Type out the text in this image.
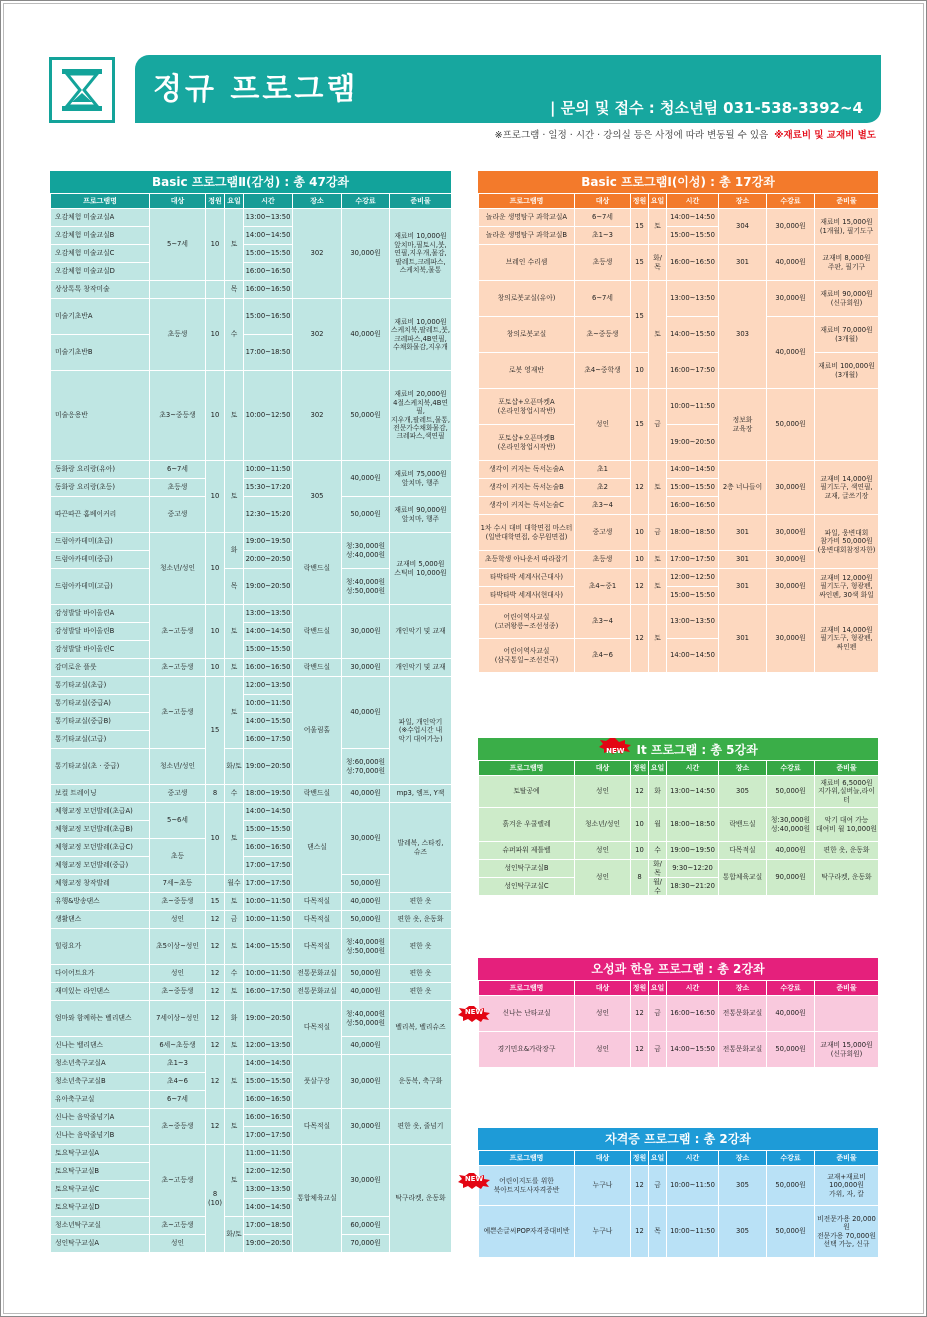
정규 프로그램
| 문의 및 접수 : 청소년팀 031-538-3392~4
※프로그램 · 일정 · 시간 · 강의실 등은 사정에 따라 변동될 수 있음 ※재료비 및 교재비 별도
Basic 프로그램Ⅱ(감성) : 총 47강좌
프로그램명	대상	정원	요일	시간	장소	수강료	준비물
오감체험 미술교실A	5~7세	10	토	13:00~13:50	302	30,000원	재료비 10,000원
앞치마,필토시,붓,
연필,지우개,물감,
팔레트,크레파스,
스케치북,물통
오감체험 미술교실B				14:00~14:50			
오감체험 미술교실C				15:00~15:50			
오감체험 미술교실D				16:00~16:50			
상상톡톡 창작미술			목	16:00~16:50			
미술기초반A	초등생	10	수	15:00~16:50	302	40,000원	재료비 10,000원
스케치북,팔레트,붓,
크레파스,4B연필,
수채화물감,지우개
미술기초반B				17:00~18:50			
미술응용반	초3~중등생	10	토	10:00~12:50	302	50,000원	재료비 20,000원
4절스케치북,4B연필,
지우개,팔레트,물통,
전문가수채화물감,
크레파스,색연필
동화랑 요리랑(유아)	6~7세	10	토	10:00~11:50	305	40,000원	재료비 75,000원
앞치마, 행주
동화랑 요리랑(초등)	초등생			15:30~17:20			
따끈따끈 홈베이커리	중고생			12:30~15:20		50,000원	재료비 90,000원
앞치마, 행주
드럼아카데미(초급)	청소년/성인	10	화	19:00~19:50	락밴드실	청:30,000원
성:40,000원	교재비 5,000원
스틱비 10,000원
드럼아카데미(중급)				20:00~20:50			
드럼아카데미(고급)			목	19:00~20:50		청:40,000원
성:50,000원	
감성발달 바이올린A	초~고등생	10	토	13:00~13:50	락밴드실	30,000원	개인악기 및 교재
감성발달 바이올린B				14:00~14:50			
감성발달 바이올린C				15:00~15:50			
감미로운 플룻	초~고등생	10	토	16:00~16:50	락밴드실	30,000원	개인악기 및 교재
통기타교실(초급)	초~고등생	15	토	12:00~13:50	어울림홀	40,000원	파일, 개인악기
(※수업시간 내
악기 대여가능)
통기타교실(중급A)				10:00~11:50			
통기타교실(중급B)				14:00~15:50			
통기타교실(고급)				16:00~17:50			
통기타교실(초 · 중급)	청소년/성인		화/토	19:00~20:50		청:60,000원
성:70,000원	
보컬 트레이닝	중고생	8	수	18:00~19:50	락밴드실	40,000원	mp3, 엠프, Y잭
체형교정 모던발레(초급A)	5~6세	10	토	14:00~14:50	댄스실	30,000원	발레복, 스타킹,
슈즈
체형교정 모던발레(초급B)				15:00~15:50			
체형교정 모던발레(초급C)	초등			16:00~16:50			
체형교정 모던발레(중급)				17:00~17:50			
체형교정 창작발레	7세~초등		월수	17:00~17:50		50,000원	
유행&방송댄스	초~중등생	15	토	10:00~11:50	다목적실	40,000원	편한 옷
생활댄스	성인	12	금	10:00~11:50	다목적실	50,000원	편한 옷, 운동화
힐링요가	초5이상~성인	12	토	14:00~15:50	다목적실	청:40,000원
성:50,000원	편한 옷
다이어트요가	성인	12	수	10:00~11:50	전통문화교실	50,000원	편한 옷
재미있는 라인댄스	초~중등생	12	토	16:00~17:50	전통문화교실	40,000원	편한 옷
엄마와 함께하는 벨리댄스	7세이상~성인	12	화	19:00~20:50	다목적실	청:40,000원
성:50,000원	벨리복, 벨리슈즈
신나는 벨리댄스	6세~초등생	12	토	12:00~13:50		40,000원	
청소년축구교실A	초1~3	12	토	14:00~14:50	풋살구장	30,000원	운동복, 축구화
청소년축구교실B	초4~6			15:00~15:50			
유아축구교실	6~7세			16:00~16:50			
신나는 음악줄넘기A	초~중등생	12	토	16:00~16:50	다목적실	30,000원	편한 옷, 줄넘기
신나는 음악줄넘기B				17:00~17:50			
토요탁구교실A	초~고등생	8
(10)	토	11:00~11:50	통합체육교실	30,000원	탁구라켓, 운동화
토요탁구교실B				12:00~12:50			
토요탁구교실C				13:00~13:50			
토요탁구교실D				14:00~14:50			
청소년탁구교실	초~고등생		화/토	17:00~18:50		60,000원	
성인탁구교실A	성인			19:00~20:50		70,000원	
Basic 프로그램Ⅰ(이성) : 총 17강좌
프로그램명	대상	정원	요일	시간	장소	수강료	준비물
놀라운 생명탐구 과학교실A	6~7세	15	토	14:00~14:50	304	30,000원	재료비 15,000원
(1개월), 필기도구
놀라운 생명탐구 과학교실B	초1~3			15:00~15:50			
브레인 수리셈	초등생	15	화/목	16:00~16:50	301	40,000원	교재비 8,000원
주판, 필기구
창의로봇교실(유아)	6~7세	15	토	13:00~13:50	303	30,000원	재료비 90,000원
(신규회원)
창의로봇교실	초~중등생			14:00~15:50		40,000원	재료비 70,000원
(3개월)
로봇 영재반	초4~중학생	10		16:00~17:50			재료비 100,000원
(3개월)
포토샵+오픈마켓A
(온라인창업시작반)	성인	15	금	10:00~11:50	정보화
교육장	50,000원	
포토샵+오픈마켓B
(온라인창업시작반)				19:00~20:50			
생각이 커지는 독서논술A	초1	12	토	14:00~14:50	2층 너나들이	30,000원	교재비 14,000원
필기도구, 색연필,
교재, 글쓰기장
생각이 커지는 독서논술B	초2			15:00~15:50			
생각이 커지는 독서논술C	초3~4			16:00~16:50			
1차 수시 대비 대학면접 마스터
(일반대학면접, 승무원면접)	중고생	10	금	18:00~18:50	301	30,000원	파일, 웅변대회
참가비 50,000원
(웅변대회참정자한)
초등학생 아나운서 따라잡기	초등생	10	토	17:00~17:50	301	30,000원	
타박타박 세계사(근대사)	초4~중1	12	토	12:00~12:50	301	30,000원	교재비 12,000원
필기도구, 형광펜,
싸인펜, 30색 화일
타박타박 세계사(현대사)				15:00~15:50			
어린이역사교실
(고려왕릉~조선성종)	초3~4	12	토	13:00~13:50	301	30,000원	교재비 14,000원
필기도구, 형광펜,
싸인펜
어린이역사교실
(삼국통일~조선건국)	초4~6			14:00~14:50			
NEW	It 프로그램 : 총 5강좌
프로그램명	대상	정원	요일	시간	장소	수강료	준비물
토탈공예	성인	12	화	13:00~14:50	305	50,000원	재료비 6,5000원
지가위,실버늘,라이터
흙겨운 우쿨렐레	청소년/성인	10	월	18:00~18:50	락밴드실	청:30,000원
성:40,000원	악기 대여 가능
대여비 월 10,000원
슈퍼파워 제틀벨	성인	10	수	19:00~19:50	다목적실	40,000원	편한 옷, 운동화
성인탁구교실B	성인	8	화/목	9:30~12:20	통합체육교실	90,000원	탁구라켓, 운동화
성인탁구교실C			월/수	18:30~21:20			
오성과 한음 프로그램 : 총 2강좌
프로그램명	대상	정원	요일	시간	장소	수강료	준비물
신나는 난타교실	성인	12	금	16:00~16:50	전통문화교실	40,000원	
경기민요&가락장구	성인	12	금	14:00~15:50	전통문화교실	50,000원	교재비 15,000원
(신규회원)
NEW
자격증 프로그램 : 총 2강좌
프로그램명	대상	정원	요일	시간	장소	수강료	준비물
어린이지도를 위한
북아트지도사자격증반	누구나	12	금	10:00~11:50	305	50,000원	교재+재료비
100,000원
가위, 자, 칼
예쁜손글씨POP자격증대비반	누구나	12	목	10:00~11:50	305	50,000원	비전문가용 20,000원
전문가용 70,000원
선택 가능, 신규
NEW
